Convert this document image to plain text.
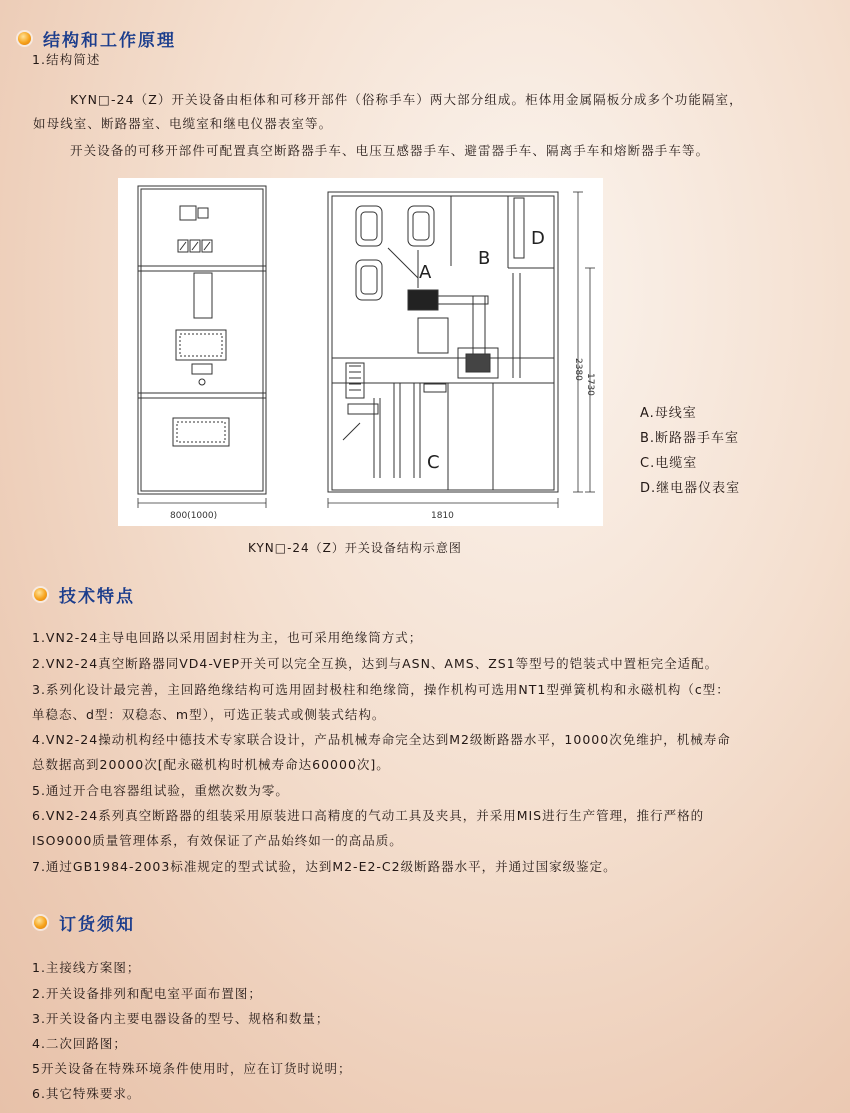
结构和工作原理
1.结构简述
KYN□-24（Z）开关设备由柜体和可移开部件（俗称手车）两大部分组成。柜体用金属隔板分成多个功能隔室，
如母线室、断路器室、电缆室和继电仪器表室等。
开关设备的可移开部件可配置真空断路器手车、电压互感器手车、避雷器手车、隔离手车和熔断器手车等。
800(1000)
A
B
C
D
1810
2380
1730
A.母线室
B.断路器手车室
C.电缆室
D.继电器仪表室
KYN□-24（Z）开关设备结构示意图
技术特点
1.VN2-24主导电回路以采用固封柱为主，也可采用绝缘筒方式；
2.VN2-24真空断路器同VD4-VEP开关可以完全互换，达到与ASN、AMS、ZS1等型号的铠装式中置柜完全适配。
3.系列化设计最完善，主回路绝缘结构可选用固封极柱和绝缘筒，操作机构可选用NT1型弹簧机构和永磁机构（c型：
单稳态、d型：双稳态、m型），可选正装式或侧装式结构。
4.VN2-24操动机构经中德技术专家联合设计，产品机械寿命完全达到M2级断路器水平，10000次免维护，机械寿命
总数据高到20000次[配永磁机构时机械寿命达60000次]。
5.通过开合电容器组试验，重燃次数为零。
6.VN2-24系列真空断路器的组装采用原装进口高精度的气动工具及夹具，并采用MIS进行生产管理，推行严格的
ISO9000质量管理体系，有效保证了产品始终如一的高品质。
7.通过GB1984-2003标准规定的型式试验，达到M2-E2-C2级断路器水平，并通过国家级鉴定。
订货须知
1.主接线方案图；
2.开关设备排列和配电室平面布置图；
3.开关设备内主要电器设备的型号、规格和数量；
4.二次回路图；
5开关设备在特殊环境条件使用时，应在订货时说明；
6.其它特殊要求。
